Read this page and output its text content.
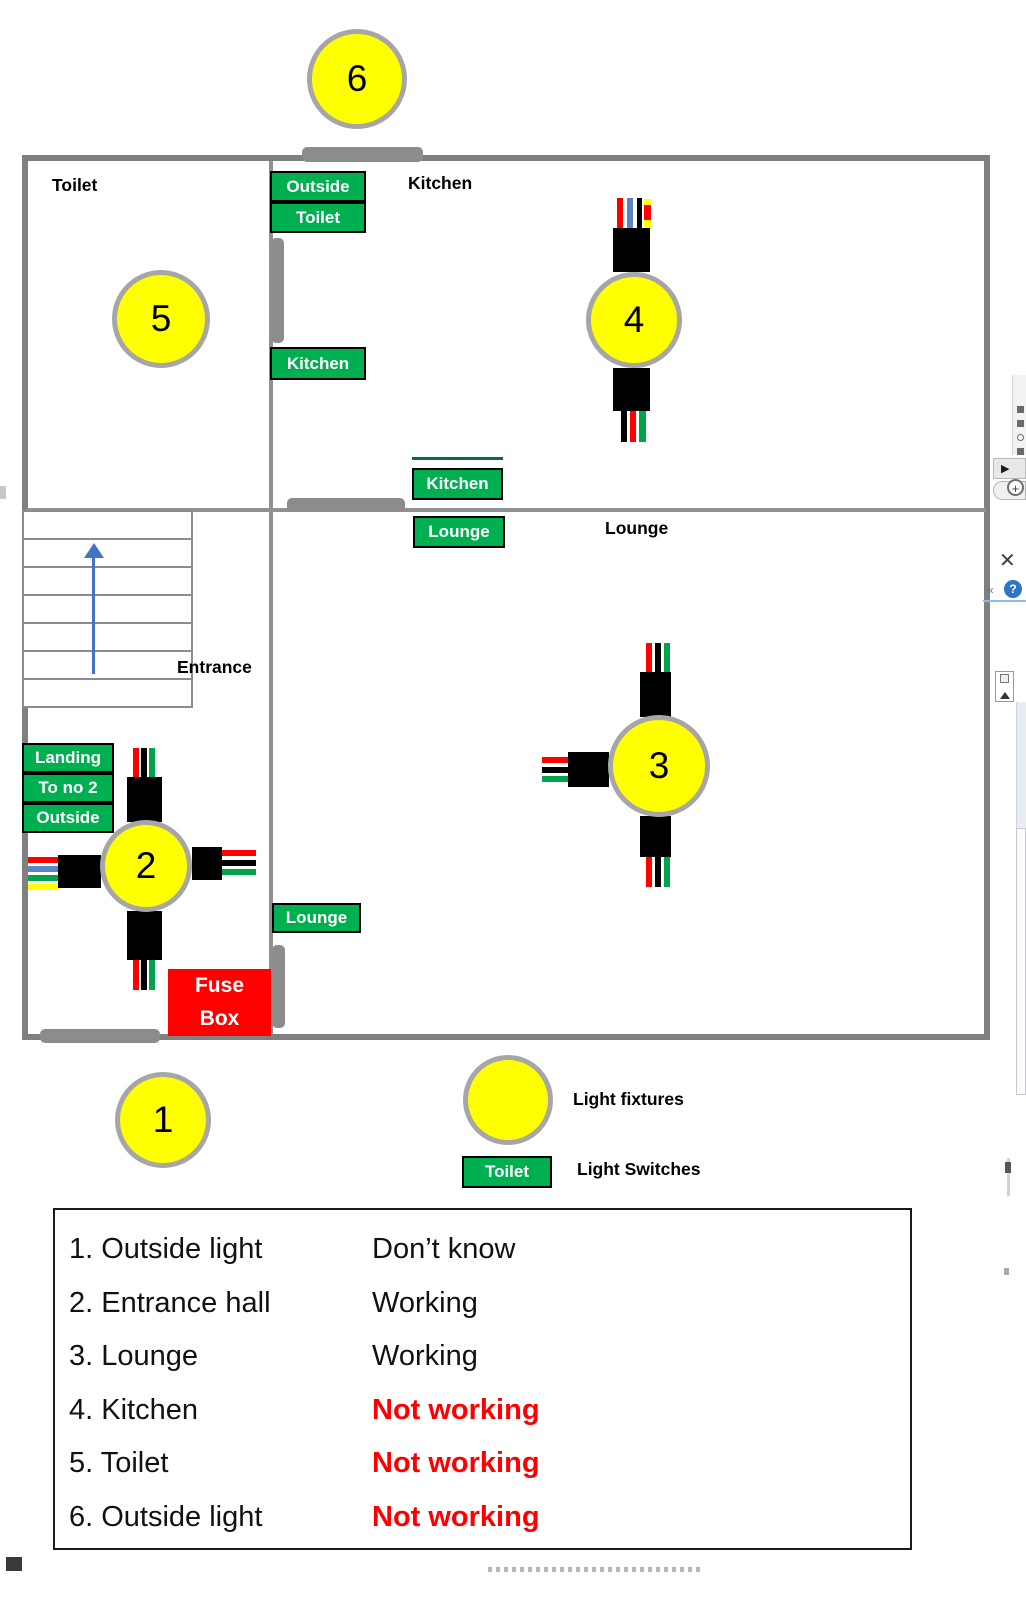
Toilet	Kitchen
Entrance
Lounge
Outside
Toilet
Kitchen
Kitchen
Lounge
Landing
To no 2
Outside
Lounge
6
5	4
3
2
1
Fuse
Box
Light fixtures
Toilet	Light Switches
1. Outside light	Don’t know
2. Entrance hall	Working
3. Lounge	Working
4. Kitchen	Not working
5. Toilet	Not working
6. Outside light	Not working
▶
+
✕
«	?
